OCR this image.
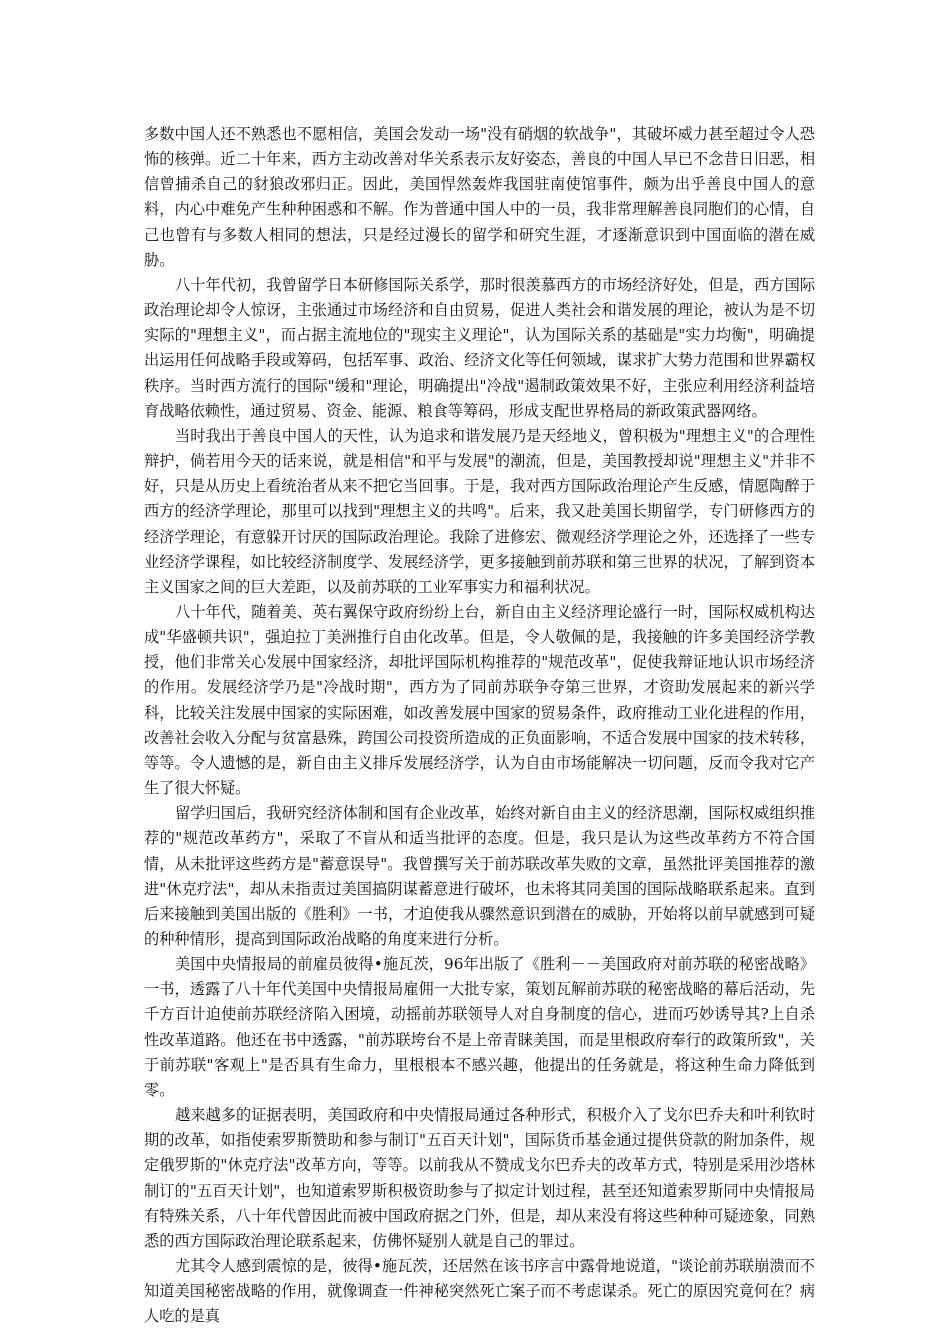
多数中国人还不熟悉也不愿相信，美国会发动一场"没有硝烟的软战争"，其破坏威力甚至超过令人恐怖的核弹。近二十年来，西方主动改善对华关系表示友好姿态，善良的中国人早已不念昔日旧恶，相信曾捕杀自己的豺狼改邪归正。因此，美国悍然轰炸我国驻南使馆事件，颇为出乎善良中国人的意料，内心中难免产生种种困惑和不解。作为普通中国人中的一员，我非常理解善良同胞们的心情，自己也曾有与多数人相同的想法，只是经过漫长的留学和研究生涯，才逐渐意识到中国面临的潜在威胁。

八十年代初，我曾留学日本研修国际关系学，那时很羡慕西方的市场经济好处，但是，西方国际政治理论却令人惊讶，主张通过市场经济和自由贸易，促进人类社会和谐发展的理论，被认为是不切实际的"理想主义"，而占据主流地位的"现实主义理论"，认为国际关系的基础是"实力均衡"，明确提出运用任何战略手段或筹码，包括军事、政治、经济文化等任何领域，谋求扩大势力范围和世界霸权秩序。当时西方流行的国际"缓和"理论，明确提出"冷战"遏制政策效果不好，主张应利用经济利益培育战略依赖性，通过贸易、资金、能源、粮食等筹码，形成支配世界格局的新政策武器网络。

当时我出于善良中国人的天性，认为追求和谐发展乃是天经地义，曾积极为"理想主义"的合理性辩护，倘若用今天的话来说，就是相信"和平与发展"的潮流，但是，美国教授却说"理想主义"并非不好，只是从历史上看统治者从来不把它当回事。于是，我对西方国际政治理论产生反感，情愿陶醉于西方的经济学理论，那里可以找到"理想主义的共鸣"。后来，我又赴美国长期留学，专门研修西方的经济学理论，有意躲开讨厌的国际政治理论。我除了进修宏、微观经济学理论之外，还选择了一些专业经济学课程，如比较经济制度学、发展经济学，更多接触到前苏联和第三世界的状况，了解到资本主义国家之间的巨大差距，以及前苏联的工业军事实力和福利状况。

八十年代，随着美、英右翼保守政府纷纷上台，新自由主义经济理论盛行一时，国际权威机构达成"华盛顿共识"，强迫拉丁美洲推行自由化改革。但是，令人敬佩的是，我接触的许多美国经济学教授，他们非常关心发展中国家经济，却批评国际机构推荐的"规范改革"，促使我辩证地认识市场经济的作用。发展经济学乃是"冷战时期"，西方为了同前苏联争夺第三世界，才资助发展起来的新兴学科，比较关注发展中国家的实际困难，如改善发展中国家的贸易条件，政府推动工业化进程的作用，改善社会收入分配与贫富悬殊，跨国公司投资所造成的正负面影响，不适合发展中国家的技术转移，等等。令人遗憾的是，新自由主义排斥发展经济学，认为自由市场能解决一切问题，反而令我对它产生了很大怀疑。

留学归国后，我研究经济体制和国有企业改革，始终对新自由主义的经济思潮，国际权威组织推荐的"规范改革药方"，采取了不盲从和适当批评的态度。但是，我只是认为这些改革药方不符合国情，从未批评这些药方是"蓄意误导"。我曾撰写关于前苏联改革失败的文章，虽然批评美国推荐的激进"休克疗法"，却从未指责过美国搞阴谋蓄意进行破坏，也未将其同美国的国际战略联系起来。直到后来接触到美国出版的《胜利》一书，才迫使我从骤然意识到潜在的威胁，开始将以前早就感到可疑的种种情形，提高到国际政治战略的角度来进行分析。

美国中央情报局的前雇员彼得•施瓦茨，96年出版了《胜利－－美国政府对前苏联的秘密战略》一书，透露了八十年代美国中央情报局雇佣一大批专家，策划瓦解前苏联的秘密战略的幕后活动，先千方百计迫使前苏联经济陷入困境，动摇前苏联领导人对自身制度的信心，进而巧妙诱导其?上自杀性改革道路。他还在书中透露，"前苏联垮台不是上帝青睐美国，而是里根政府奉行的政策所致"，关于前苏联"客观上"是否具有生命力，里根根本不感兴趣，他提出的任务就是，将这种生命力降低到零。

越来越多的证据表明，美国政府和中央情报局通过各种形式，积极介入了戈尔巴乔夫和叶利钦时期的改革，如指使索罗斯赞助和参与制订"五百天计划"，国际货币基金通过提供贷款的附加条件，规定俄罗斯的"休克疗法"改革方向，等等。以前我从不赞成戈尔巴乔夫的改革方式，特别是采用沙塔林制订的"五百天计划"，也知道索罗斯积极资助参与了拟定计划过程，甚至还知道索罗斯同中央情报局有特殊关系，八十年代曾因此而被中国政府据之门外，但是，却从来没有将这些种种可疑迹象，同熟悉的西方国际政治理论联系起来，仿佛怀疑别人就是自己的罪过。

尤其令人感到震惊的是，彼得•施瓦茨，还居然在该书序言中露骨地说道，"谈论前苏联崩溃而不知道美国秘密战略的作用，就像调查一件神秘突然死亡案子而不考虑谋杀。死亡的原因究竟何在？病人吃的是真
